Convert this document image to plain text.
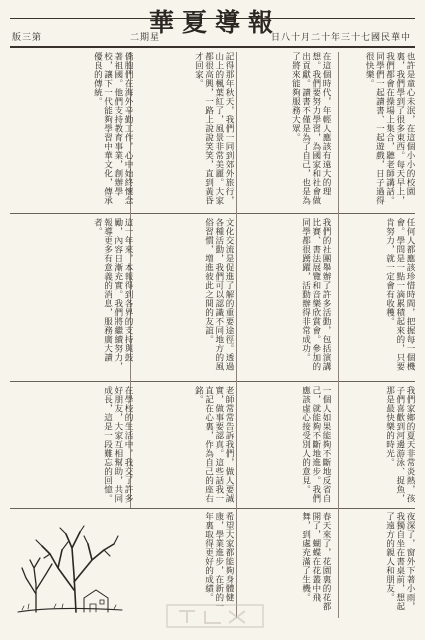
華夏導報
版三第	二期星	日八十月二十年三十七國民華中
也許是童心未泯，在這個小小的校園裏，我們學到了很多東西。每天早上，我們都會在操場上集合，聽老師講話。同學們一起讀書、一起遊戲，日子過得很快樂。
在這個時代，年輕人應該有遠大的理想。我們要努力學習，為國家和社會做出貢獻。讀書不僅是為了自己，也是為了將來能夠服務大眾。
記得那年秋天，我們一同到郊外旅行，山上的楓葉紅了，風景非常美麗。大家都很高興，一路上說說笑笑，直到黃昏才回家。
僑胞們在海外辛勤工作，心中始終懷念著祖國。他們支持教育事業，創辦學校，讓下一代能夠學習中華文化，傳承優良的傳統。
任何人都應該珍惜時間，把握每一個機會。學問是一點一滴累積起來的，只要肯努力，就一定會有收穫。
我們的社團舉辦了許多活動，包括演講比賽、書法展覽和音樂欣賞會。參加的同學都很踴躍，活動辦得非常成功。
文化交流是促進了解的重要途徑。透過各種活動，我們可以認識不同地方的風俗習慣，增進彼此之間的友誼。
這一年來，本報得到各界的支持與鼓勵，內容日漸充實。我們將繼續努力，報導更多有意義的消息，服務廣大讀者。
我們家鄉的夏天非常炎熱，孩子們喜歡到河邊游泳、捉魚，那是最快樂的時光。
一個人如果能夠不斷地反省自己，就能夠不斷地進步。我們應該虛心接受別人的意見。
老師常常告訴我們，做人要誠實，做事要認真。這些話我一直記在心裏，作為自己的座右銘。
在學校的生活中，我交了許多好朋友，大家互相幫助，共同成長，這是一段難忘的回憶。
夜深了，窗外下著小雨，我獨自坐在書桌前，想起了遠方的親人和朋友。
春天來了，花園裏的花都開了，蝴蝶在花叢中飛舞，到處充滿了生機。
希望大家都能夠身體健康，學業進步，在新的一年裏取得更好的成績。
